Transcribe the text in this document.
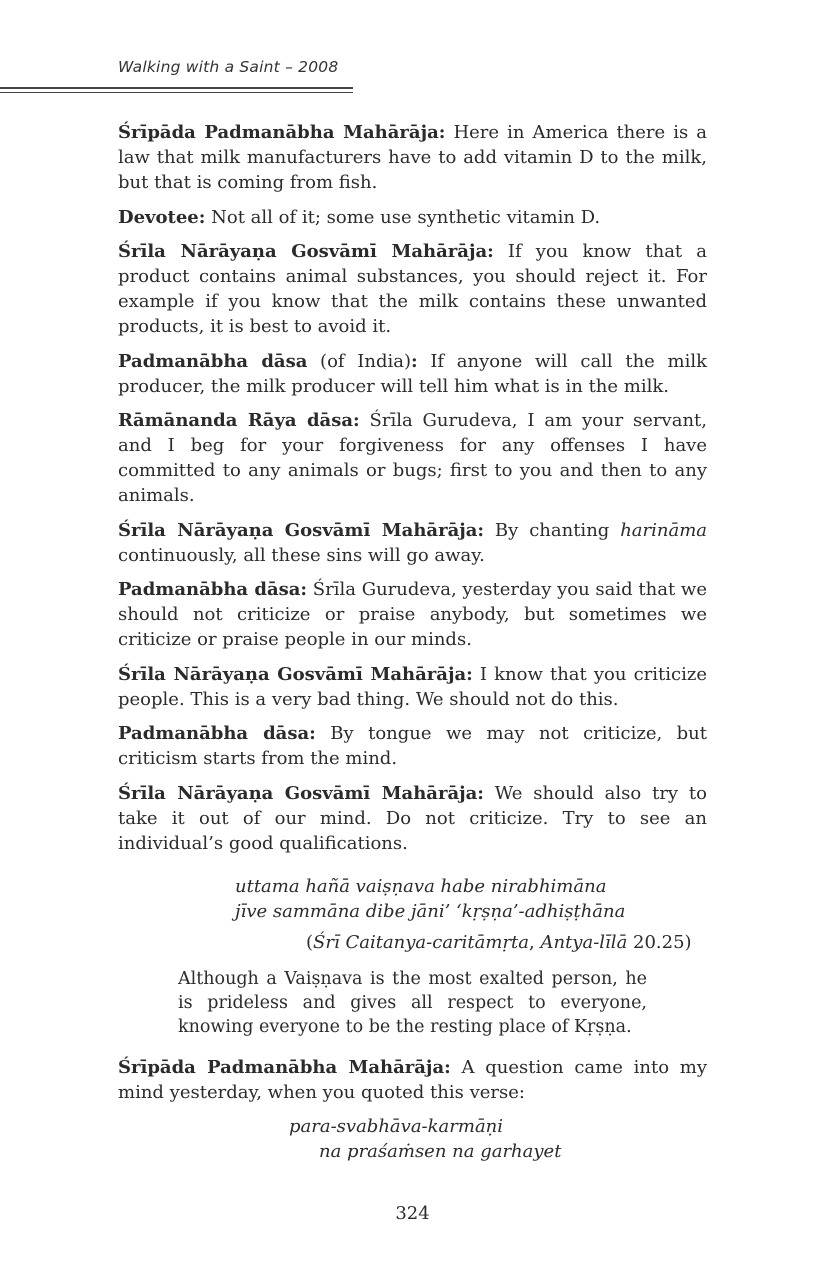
Walking with a Saint – 2008

Śrīpāda Padmanābha Mahārāja: Here in America there is a law that milk manufacturers have to add vitamin D to the milk, but that is coming from fish.

Devotee: Not all of it; some use synthetic vitamin D.

Śrīla Nārāyaṇa Gosvāmī Mahārāja: If you know that a product contains animal substances, you should reject it. For example if you know that the milk contains these unwanted products, it is best to avoid it.

Padmanābha dāsa (of India): If anyone will call the milk producer, the milk producer will tell him what is in the milk.

Rāmānanda Rāya dāsa: Śrīla Gurudeva, I am your servant, and I beg for your forgiveness for any offenses I have committed to any animals or bugs; first to you and then to any animals.

Śrīla Nārāyaṇa Gosvāmī Mahārāja: By chanting harināma continuously, all these sins will go away.

Padmanābha dāsa: Śrīla Gurudeva, yesterday you said that we should not criticize or praise anybody, but sometimes we criticize or praise people in our minds.

Śrīla Nārāyaṇa Gosvāmī Mahārāja: I know that you criticize people. This is a very bad thing. We should not do this.

Padmanābha dāsa: By tongue we may not criticize, but criticism starts from the mind.

Śrīla Nārāyaṇa Gosvāmī Mahārāja: We should also try to take it out of our mind. Do not criticize. Try to see an individual’s good qualifications.

uttama hañā vaiṣṇava habe nirabhimāna
jīve sammāna dibe jāni’ ‘kṛṣṇa’-adhiṣṭhāna
(Śrī Caitanya-caritāmṛta, Antya-līlā 20.25)

Although a Vaiṣṇava is the most exalted person, he is prideless and gives all respect to everyone, knowing everyone to be the resting place of Kṛṣṇa.

Śrīpāda Padmanābha Mahārāja: A question came into my mind yesterday, when you quoted this verse:

para-svabhāva-karmāṇi
na praśaṁsen na garhayet
324
